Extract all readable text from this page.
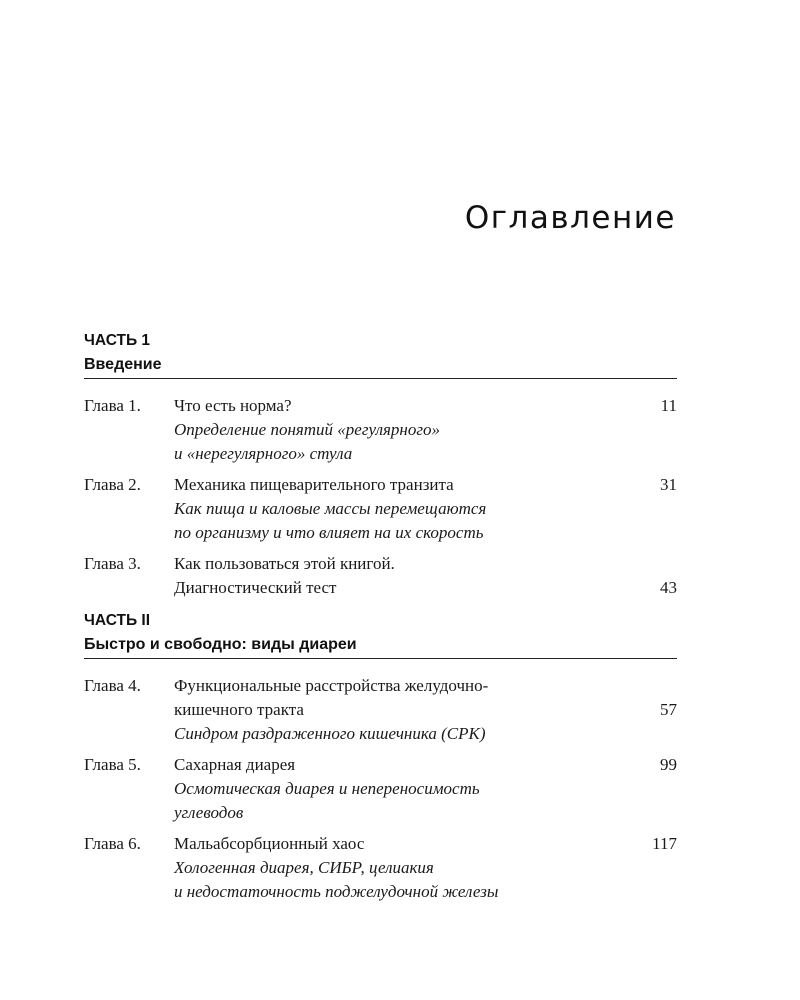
Оглавление
ЧАСТЬ 1
Введение
Глава 1.	Что есть норма?
Определение понятий «регулярного»
и «нерегулярного» стула
11
Глава 2.	Механика пищеварительного транзита
Как пища и каловые массы перемещаются
по организму и что влияет на их скорость
31
Глава 3.	Как пользоваться этой книгой.
Диагностический тест	43
ЧАСТЬ II
Быстро и свободно: виды диареи
Глава 4.	Функциональные расстройства желудочно-
кишечного тракта
Синдром раздраженного кишечника (СРК)
57
Глава 5.	Сахарная диарея
Осмотическая диарея и непереносимость
углеводов
99
Глава 6.	Мальабсорбционный хаос
Хологенная диарея, СИБР, целиакия
и недостаточность поджелудочной железы
117
